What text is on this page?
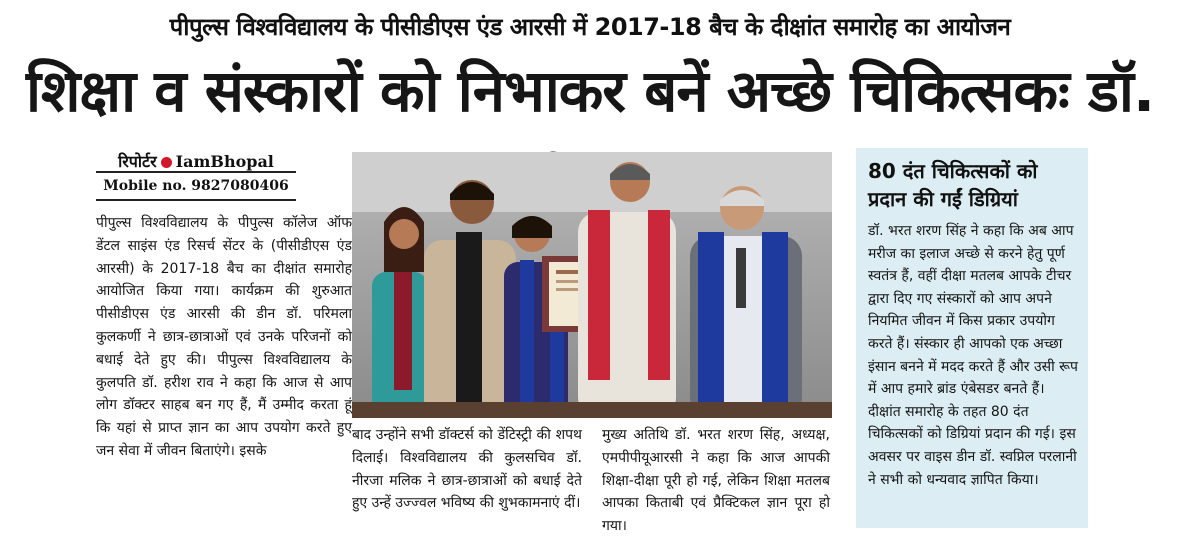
पीपुल्स विश्वविद्यालय के पीसीडीएस एंड आरसी में 2017-18 बैच के दीक्षांत समारोह का आयोजन
शिक्षा व संस्कारों को निभाकर बनें अच्छे चिकित्सकः डॉ.
रिपोर्टर IamBhopal
Mobile no. 9827080406
पीपुल्स विश्वविद्यालय के पीपुल्स कॉलेज ऑफ डेंटल साइंस एंड रिसर्च सेंटर के (पीसीडीएस एंड आरसी) के 2017-18 बैच का दीक्षांत समारोह आयोजित किया गया। कार्यक्रम की शुरुआत पीसीडीएस एंड आरसी की डीन डॉ. परिमला कुलकर्णी ने छात्र-छात्राओं एवं उनके परिजनों को बधाई देते हुए की। पीपुल्स विश्वविद्यालय के कुलपति डॉ. हरीश राव ने कहा कि आज से आप लोग डॉक्टर साहब बन गए हैं, मैं उम्मीद करता हूं कि यहां से प्राप्त ज्ञान का आप उपयोग करते हुए जन सेवा में जीवन बिताएंगे। इसके
बाद उन्होंने सभी डॉक्टर्स को डेंटिस्ट्री की शपथ दिलाई। विश्वविद्यालय की कुलसचिव डॉ. नीरजा मलिक ने छात्र-छात्राओं को बधाई देते हुए उन्हें उज्ज्वल भविष्य की शुभकामनाएं दीं।
मुख्य अतिथि डॉ. भरत शरण सिंह, अध्यक्ष, एमपीपीयूआरसी ने कहा कि आज आपकी शिक्षा-दीक्षा पूरी हो गई, लेकिन शिक्षा मतलब आपका किताबी एवं प्रैक्टिकल ज्ञान पूरा हो गया।
80 दंत चिकित्सकों को प्रदान की गईं डिग्रियां
डॉ. भरत शरण सिंह ने कहा कि अब आप मरीज का इलाज अच्छे से करने हेतु पूर्ण स्वतंत्र हैं, वहीं दीक्षा मतलब आपके टीचर द्वारा दिए गए संस्कारों को आप अपने नियमित जीवन में किस प्रकार उपयोग करते हैं। संस्कार ही आपको एक अच्छा इंसान बनने में मदद करते हैं और उसी रूप में आप हमारे ब्रांड एंबेसडर बनते हैं। दीक्षांत समारोह के तहत 80 दंत चिकित्सकों को डिग्रियां प्रदान की गई। इस अवसर पर वाइस डीन डॉ. स्वप्निल परलानी ने सभी को धन्यवाद ज्ञापित किया।
